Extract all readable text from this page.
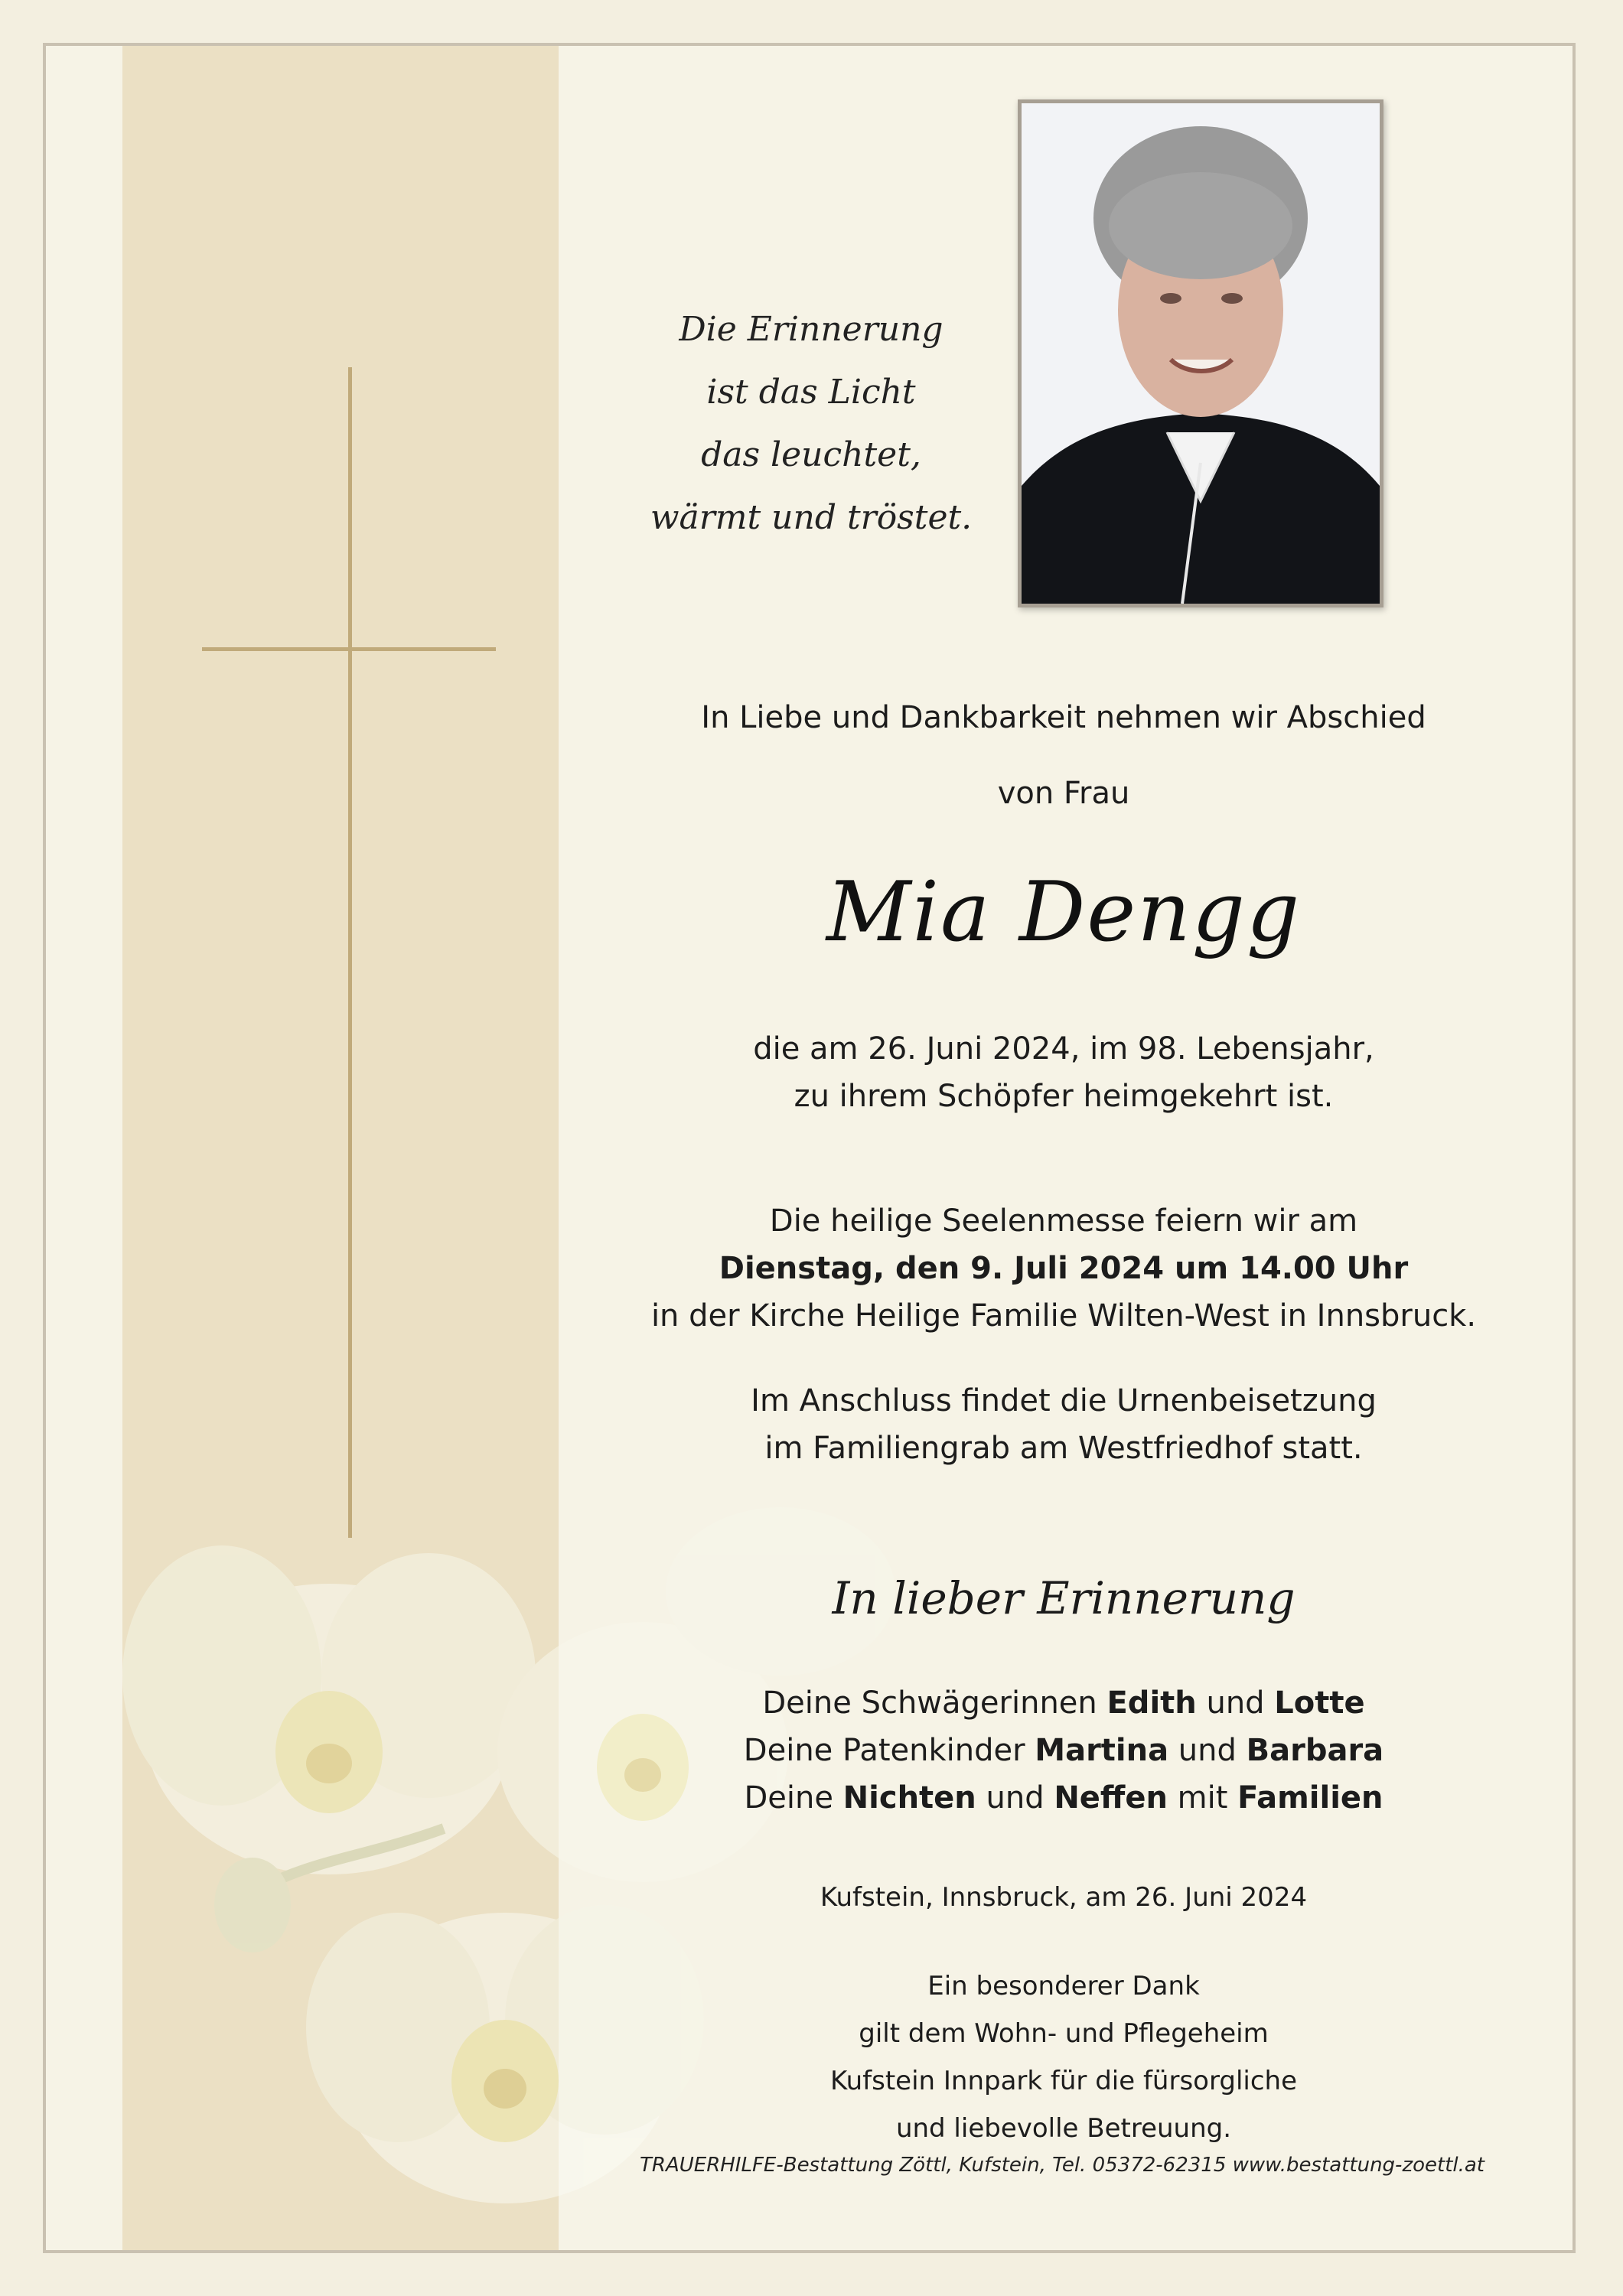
Die Erinnerung
ist das Licht
das leuchtet,
wärmt und tröstet.
In Liebe und Dankbarkeit nehmen wir Abschied
von Frau
Mia Dengg
die am 26. Juni 2024, im 98. Lebensjahr,
zu ihrem Schöpfer heimgekehrt ist.
Die heilige Seelenmesse feiern wir am
Dienstag, den 9. Juli 2024 um 14.00 Uhr
in der Kirche Heilige Familie Wilten-West in Innsbruck.
Im Anschluss findet die Urnenbeisetzung
im Familiengrab am Westfriedhof statt.
In lieber Erinnerung
Deine Schwägerinnen Edith und Lotte
Deine Patenkinder Martina und Barbara
Deine Nichten und Neffen mit Familien
Kufstein, Innsbruck, am 26. Juni 2024
Ein besonderer Dank
gilt dem Wohn- und Pflegeheim
Kufstein Innpark für die fürsorgliche
und liebevolle Betreuung.
TRAUERHILFE-Bestattung Zöttl, Kufstein, Tel. 05372-62315 www.bestattung-zoettl.at
